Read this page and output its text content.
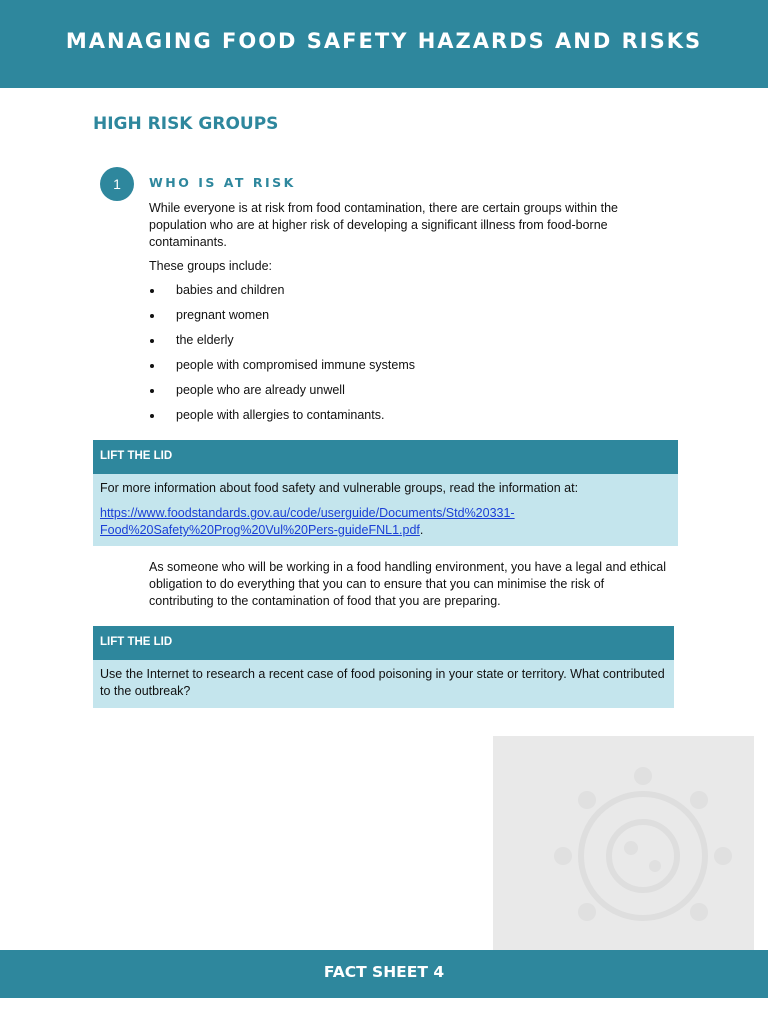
MANAGING FOOD SAFETY HAZARDS AND RISKS
HIGH RISK GROUPS
1	WHO IS AT RISK

While everyone is at risk from food contamination, there are certain groups within the population who are at higher risk of developing a significant illness from food-borne contaminants.

These groups include:

babies and children
pregnant women
the elderly
people with compromised immune systems
people who are already unwell
people with allergies to contaminants.
LIFT THE LID

For more information about food safety and vulnerable groups, read the information at:

https://www.foodstandards.gov.au/code/userguide/Documents/Std%20331-
Food%20Safety%20Prog%20Vul%20Pers-guideFNL1.pdf.

As someone who will be working in a food handling environment, you have a legal and ethical obligation to do everything that you can to ensure that you can minimise the risk of contributing to the contamination of food that you are preparing.

LIFT THE LID

Use the Internet to research a recent case of food poisoning in your state or territory. What contributed to the outbreak?

FACT SHEET 4
